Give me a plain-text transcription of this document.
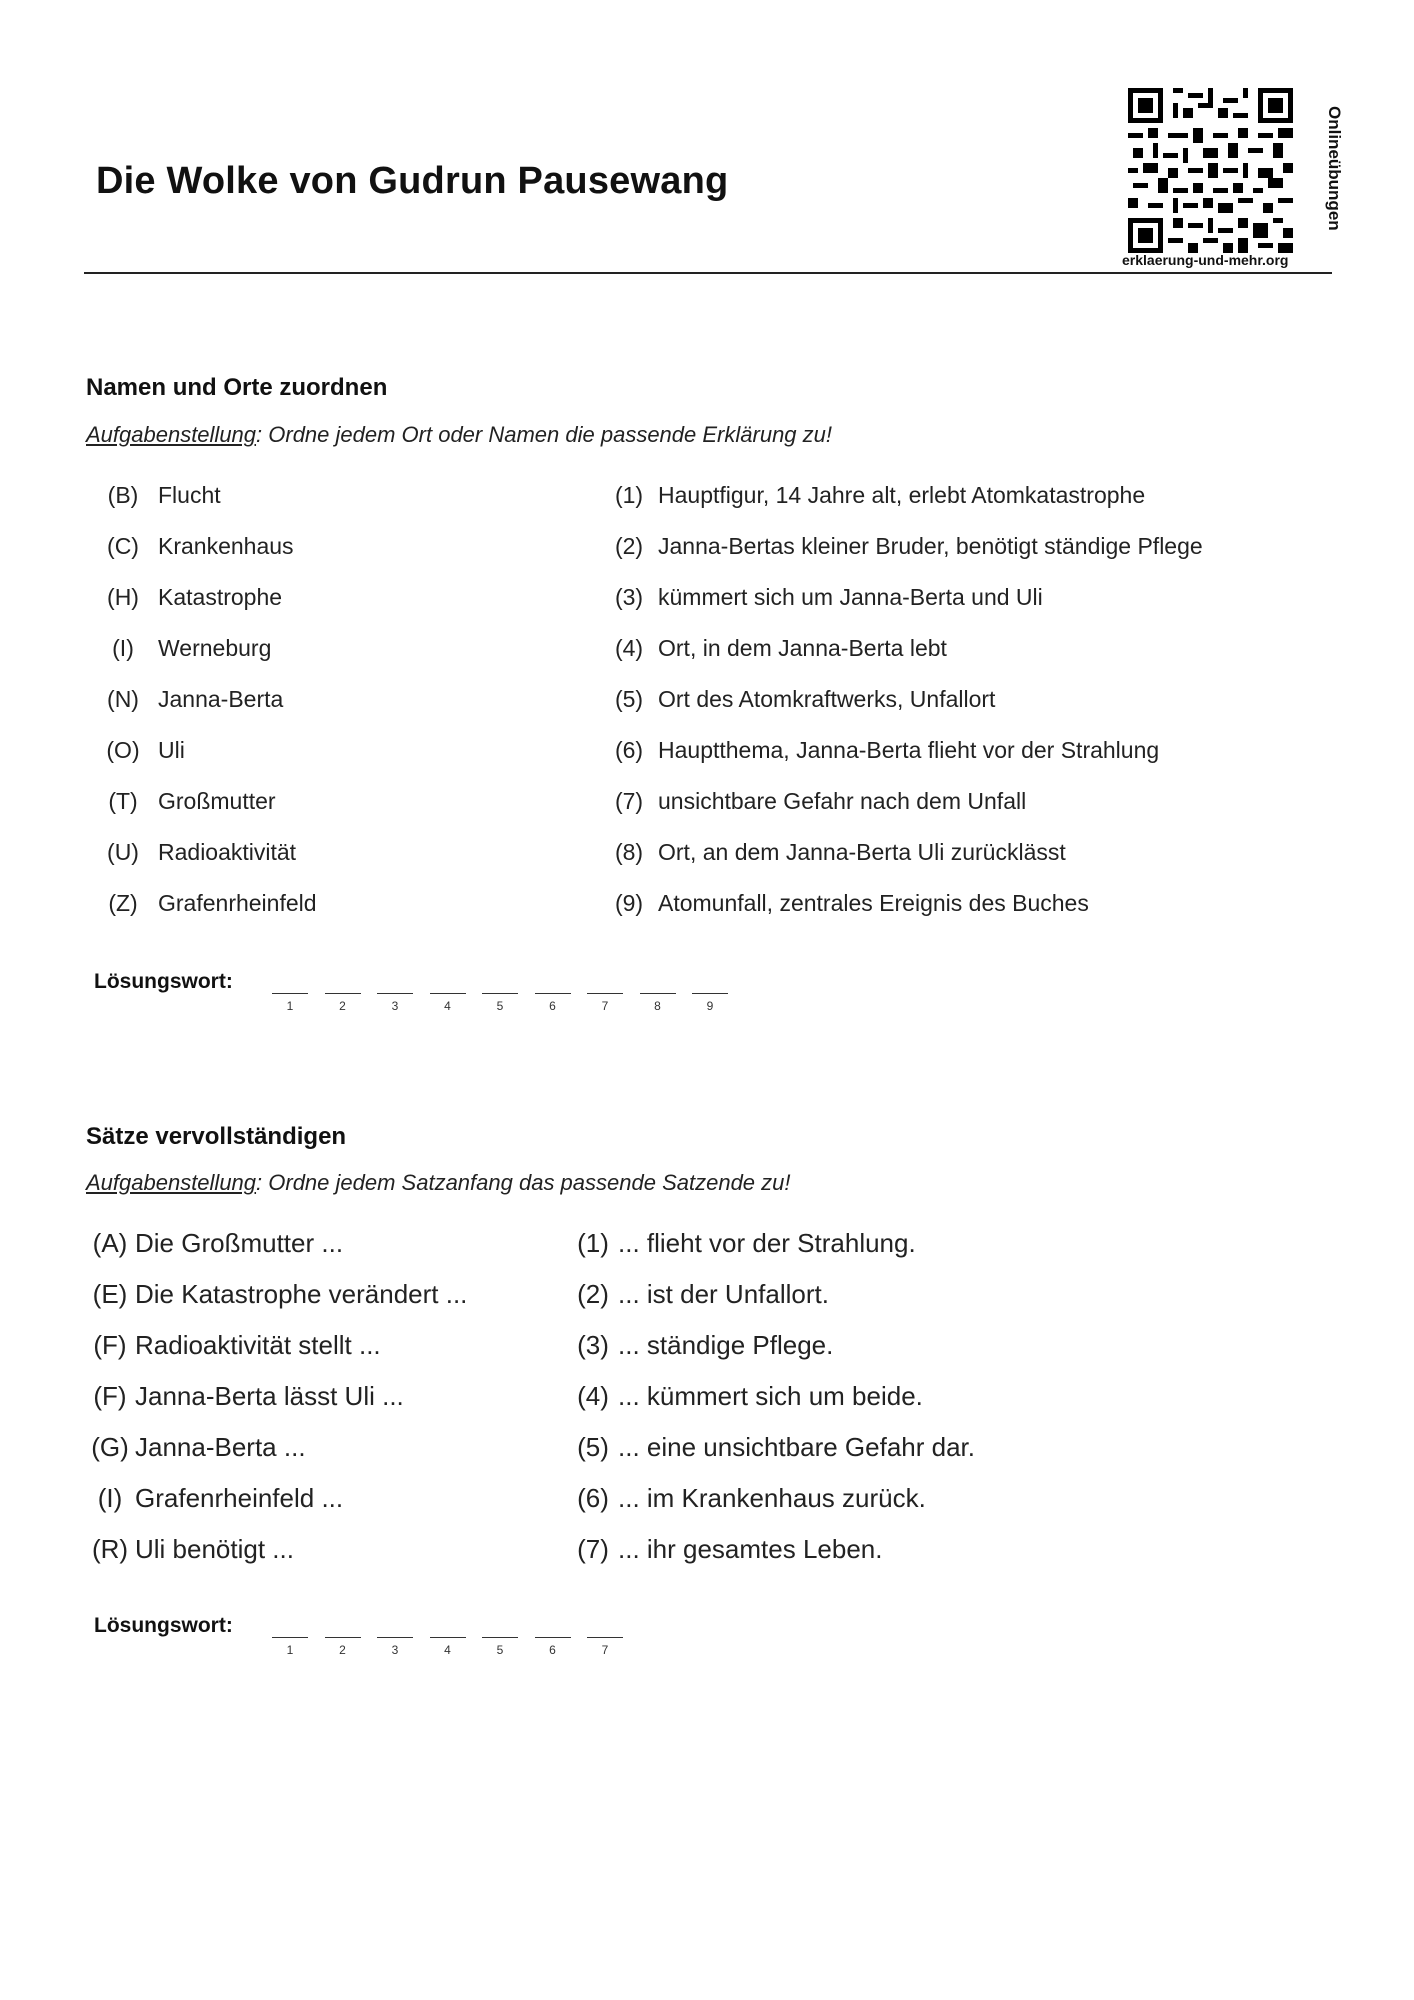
Die Wolke von Gudrun Pausewang	Onlineübungen
erklaerung-und-mehr.org
Namen und Orte zuordnen
Aufgabenstellung: Ordne jedem Ort oder Namen die passende Erklärung zu!
(B) Flucht
(C) Krankenhaus
(H) Katastrophe
(I) Werneburg
(N) Janna-Berta
(O) Uli
(T) Großmutter
(U) Radioaktivität
(Z) Grafenrheinfeld
(1) Hauptfigur, 14 Jahre alt, erlebt Atomkatastrophe
(2) Janna-Bertas kleiner Bruder, benötigt ständige Pflege
(3) kümmert sich um Janna-Berta und Uli
(4) Ort, in dem Janna-Berta lebt
(5) Ort des Atomkraftwerks, Unfallort
(6) Hauptthema, Janna-Berta flieht vor der Strahlung
(7) unsichtbare Gefahr nach dem Unfall
(8) Ort, an dem Janna-Berta Uli zurücklässt
(9) Atomunfall, zentrales Ereignis des Buches
Lösungswort:
1	2	3	4	5	6	7	8	9
Sätze vervollständigen
Aufgabenstellung: Ordne jedem Satzanfang das passende Satzende zu!
(A) Die Großmutter ...
(E) Die Katastrophe verändert ...
(F) Radioaktivität stellt ...
(F) Janna-Berta lässt Uli ...
(G) Janna-Berta ...
(I) Grafenrheinfeld ...
(R) Uli benötigt ...
(1) ... flieht vor der Strahlung.
(2) ... ist der Unfallort.
(3) ... ständige Pflege.
(4) ... kümmert sich um beide.
(5) ... eine unsichtbare Gefahr dar.
(6) ... im Krankenhaus zurück.
(7) ... ihr gesamtes Leben.
Lösungswort:
1	2	3	4	5	6	7
